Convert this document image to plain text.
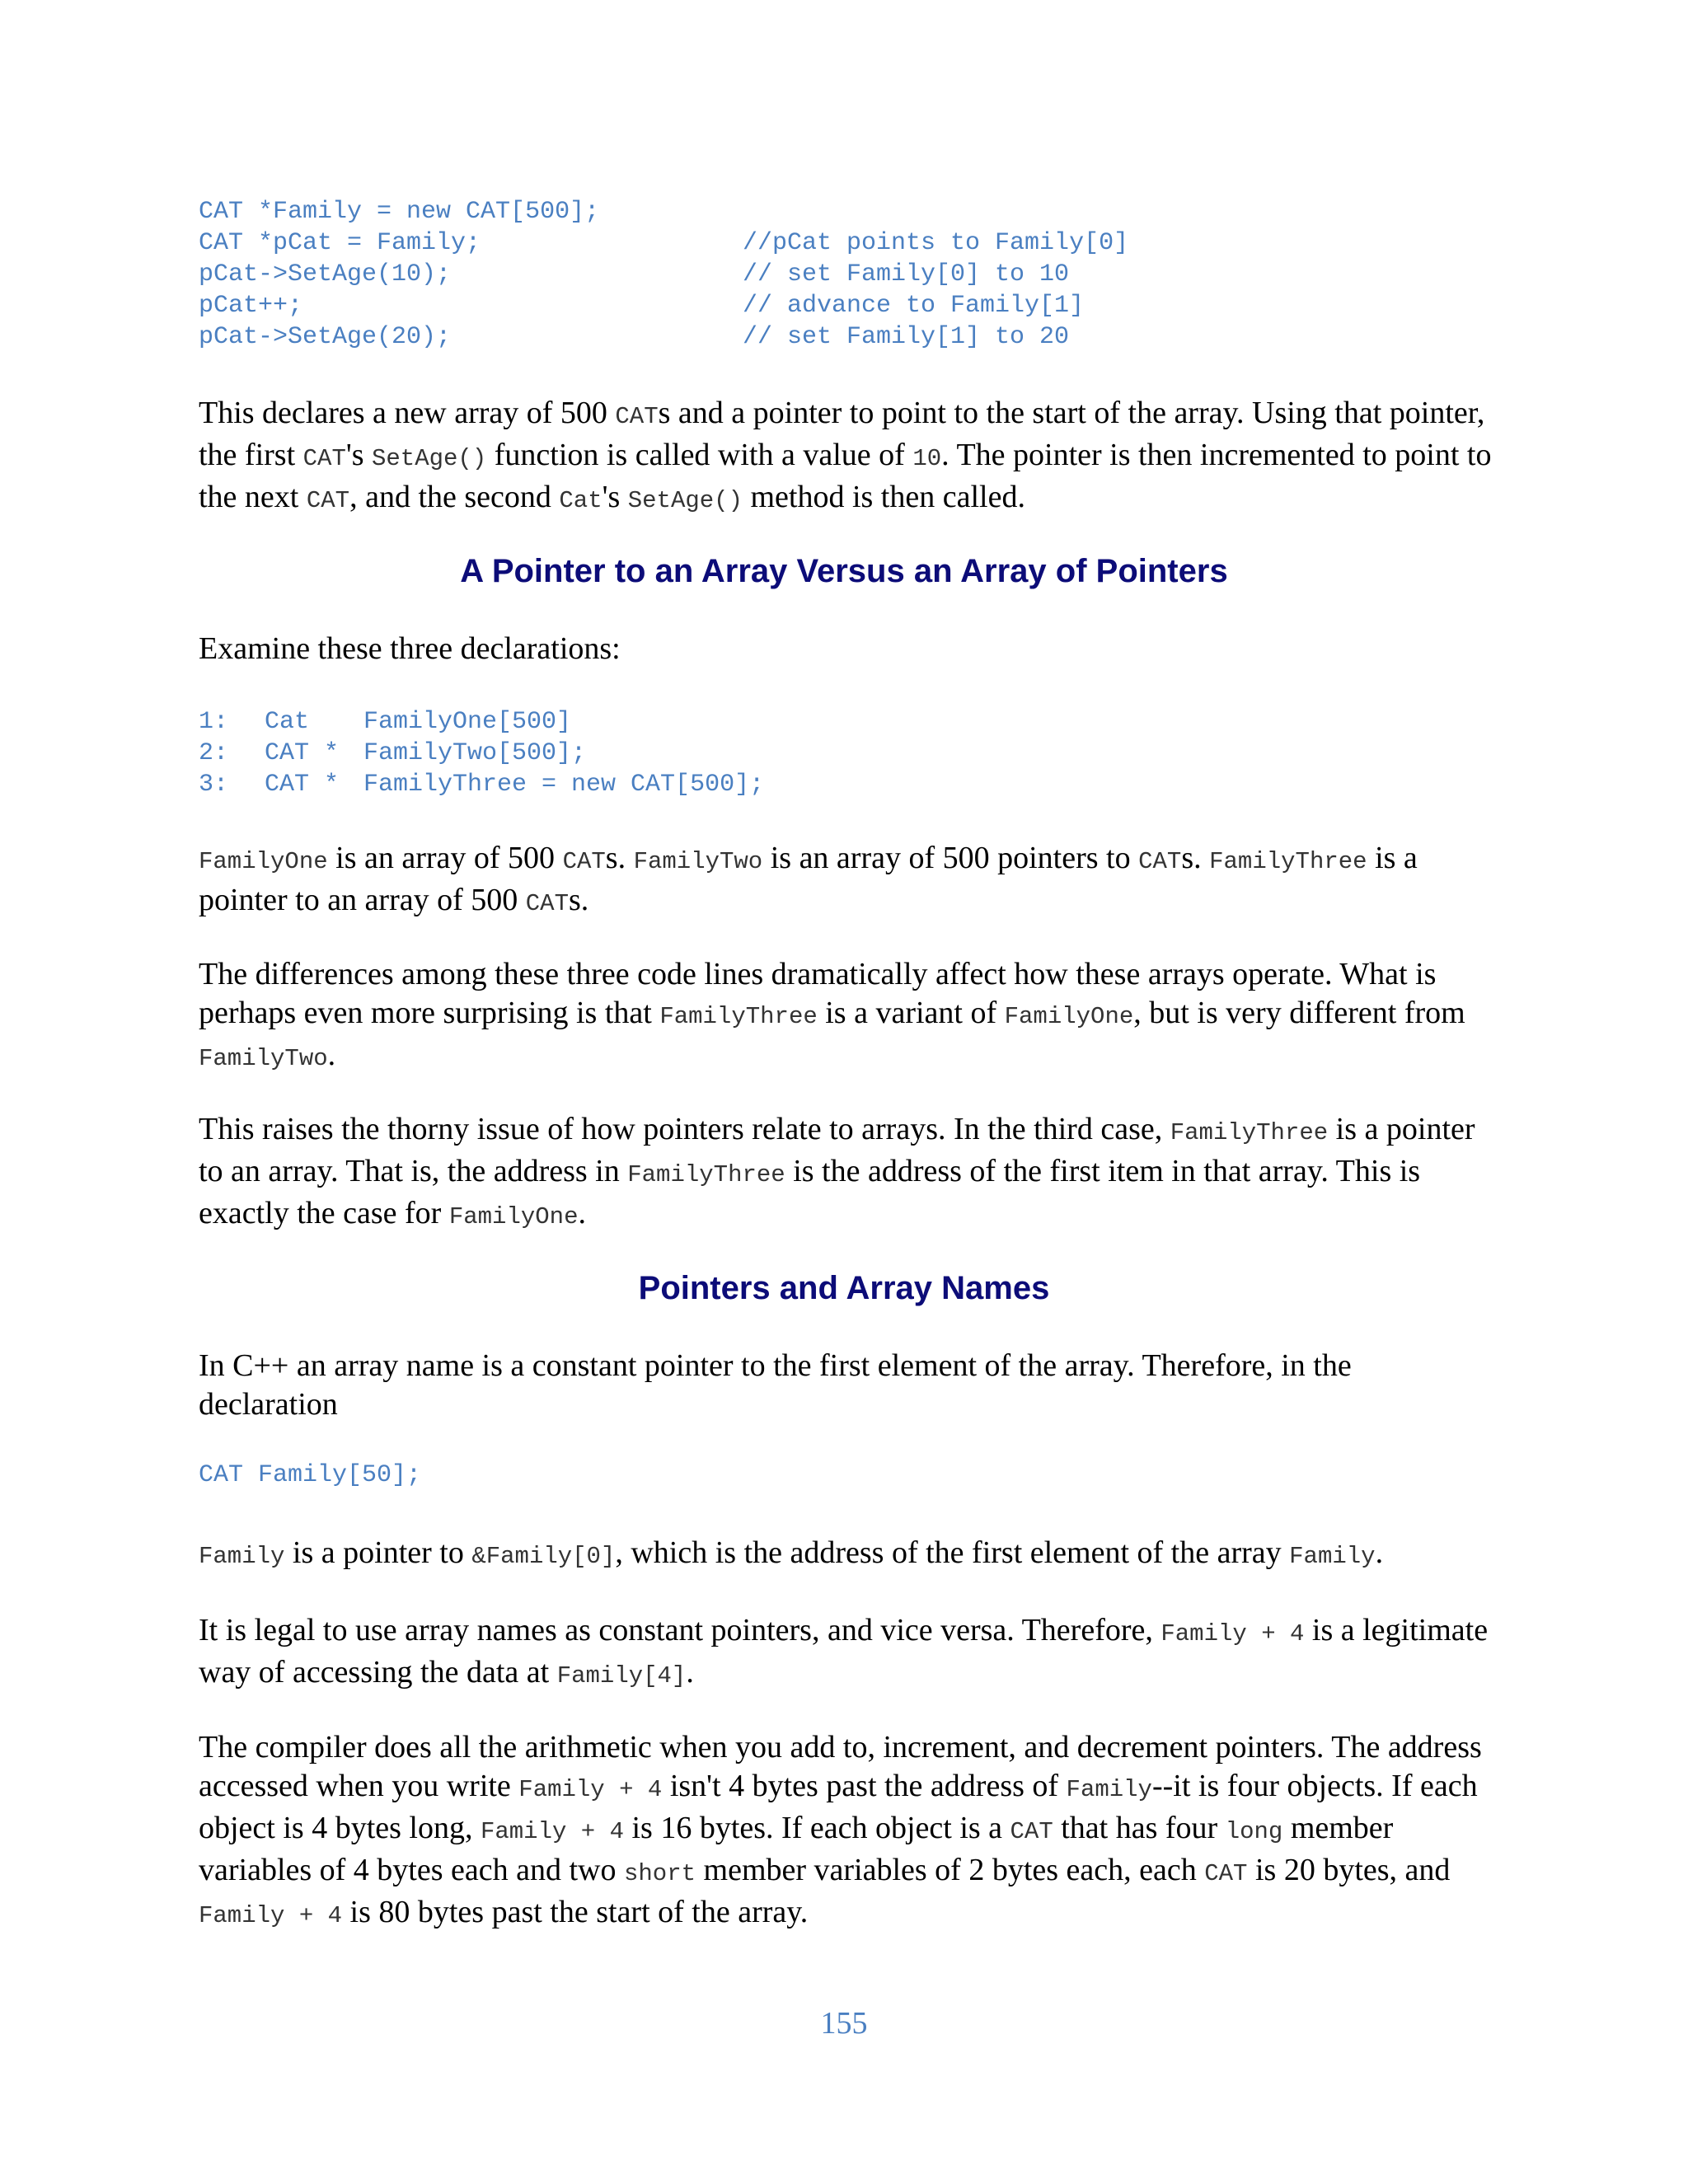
CAT *Family = new CAT[500];
CAT *pCat = Family;	//pCat points to Family[0]
pCat->SetAge(10);	// set Family[0] to 10
pCat++;	// advance to Family[1]
pCat->SetAge(20);	// set Family[1] to 20

This declares a new array of 500 CATs and a pointer to point to the start of the array. Using that pointer, the first CAT's SetAge() function is called with a value of 10. The pointer is then incremented to point to the next CAT, and the second Cat's SetAge() method is then called.

A Pointer to an Array Versus an Array of Pointers

Examine these three declarations:

1: Cat FamilyOne[500]
2: CAT * FamilyTwo[500];
3: CAT * FamilyThree = new CAT[500];

FamilyOne is an array of 500 CATs. FamilyTwo is an array of 500 pointers to CATs. FamilyThree is a pointer to an array of 500 CATs.

The differences among these three code lines dramatically affect how these arrays operate. What is perhaps even more surprising is that FamilyThree is a variant of FamilyOne, but is very different from FamilyTwo.

This raises the thorny issue of how pointers relate to arrays. In the third case, FamilyThree is a pointer to an array. That is, the address in FamilyThree is the address of the first item in that array. This is exactly the case for FamilyOne.

Pointers and Array Names

In C++ an array name is a constant pointer to the first element of the array. Therefore, in the declaration

CAT Family[50];

Family is a pointer to &Family[0], which is the address of the first element of the array Family.

It is legal to use array names as constant pointers, and vice versa. Therefore, Family + 4 is a legitimate way of accessing the data at Family[4].

The compiler does all the arithmetic when you add to, increment, and decrement pointers. The address accessed when you write Family + 4 isn't 4 bytes past the address of Family--it is four objects. If each object is 4 bytes long, Family + 4 is 16 bytes. If each object is a CAT that has four long member variables of 4 bytes each and two short member variables of 2 bytes each, each CAT is 20 bytes, and Family + 4 is 80 bytes past the start of the array.

155
